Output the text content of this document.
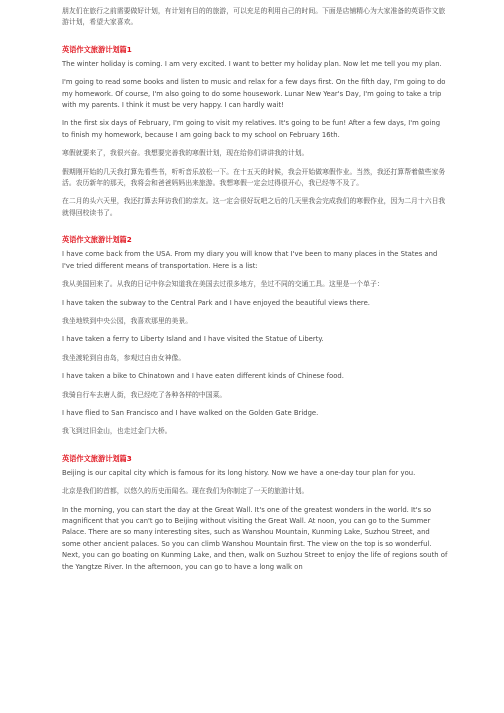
朋友们在旅行之前需要做好计划，有计划有目的的旅游，可以充足的利用自己的时间。下面是店铺精心为大家准备的英语作文旅游计划，希望大家喜欢。

英语作文旅游计划篇1

The winter holiday is coming. I am very excited. I want to better my holiday plan. Now let me tell you my plan.

I'm going to read some books and listen to music and relax for a few days first. On the fifth day, I'm going to do my homework. Of course, I'm also going to do some housework. Lunar New Year's Day, I'm going to take a trip with my parents. I think it must be very happy. I can hardly wait!

In the first six days of February, I'm going to visit my relatives. It's going to be fun! After a few days, I'm going to finish my homework, because I am going back to my school on February 16th.

寒假就要来了，我很兴奋。我想要完善我的寒假计划，现在给你们讲讲我的计划。

假期刚开始的几天我打算先看些书，听听音乐放松一下。在十五天的时候，我会开始做寒假作业。当然，我还打算帮着做些家务活。农历新年的那天，我将会和爸爸妈妈出来旅游。我想寒假一定会过得很开心，我已经等不及了。

在二月的头六天里，我还打算去拜访我们的亲友。这一定会很好玩吧之后的几天里我会完成我们的寒假作业，因为二月十六日我就得回校读书了。

英语作文旅游计划篇2

I have come back from the USA. From my diary you will know that I've been to many places in the States and I've tried different means of transportation. Here is a list:

我从美国回来了。从我的日记中你会知道我在美国去过很多地方，坐过不同的交通工具。这里是一个单子：

I have taken the subway to the Central Park and I have enjoyed the beautiful views there.

我坐地铁到中央公园，我喜欢那里的美景。

I have taken a ferry to Liberty Island and I have visited the Statue of Liberty.

我坐渡轮到自由岛，参观过自由女神像。

I have taken a bike to Chinatown and I have eaten different kinds of Chinese food.

我骑自行车去唐人街，我已经吃了各种各样的中国菜。

I have flied to San Francisco and I have walked on the Golden Gate Bridge.

我飞到过旧金山，也走过金门大桥。

英语作文旅游计划篇3

Beijing is our capital city which is famous for its long history. Now we have a one-day tour plan for you.

北京是我们的首都，以悠久的历史而闻名。现在我们为你制定了一天的旅游计划。

In the morning, you can start the day at the Great Wall. It's one of the greatest wonders in the world. It's so magnificent that you can't go to Beijing without visiting the Great Wall. At noon, you can go to the Summer Palace. There are so many interesting sites, such as Wanshou Mountain, Kunming Lake, Suzhou Street, and some other ancient palaces. So you can climb Wanshou Mountain first. The view on the top is so wonderful. Next, you can go boating on Kunming Lake, and then, walk on Suzhou Street to enjoy the life of regions south of the Yangtze River. In the afternoon, you can go to have a long walk on
